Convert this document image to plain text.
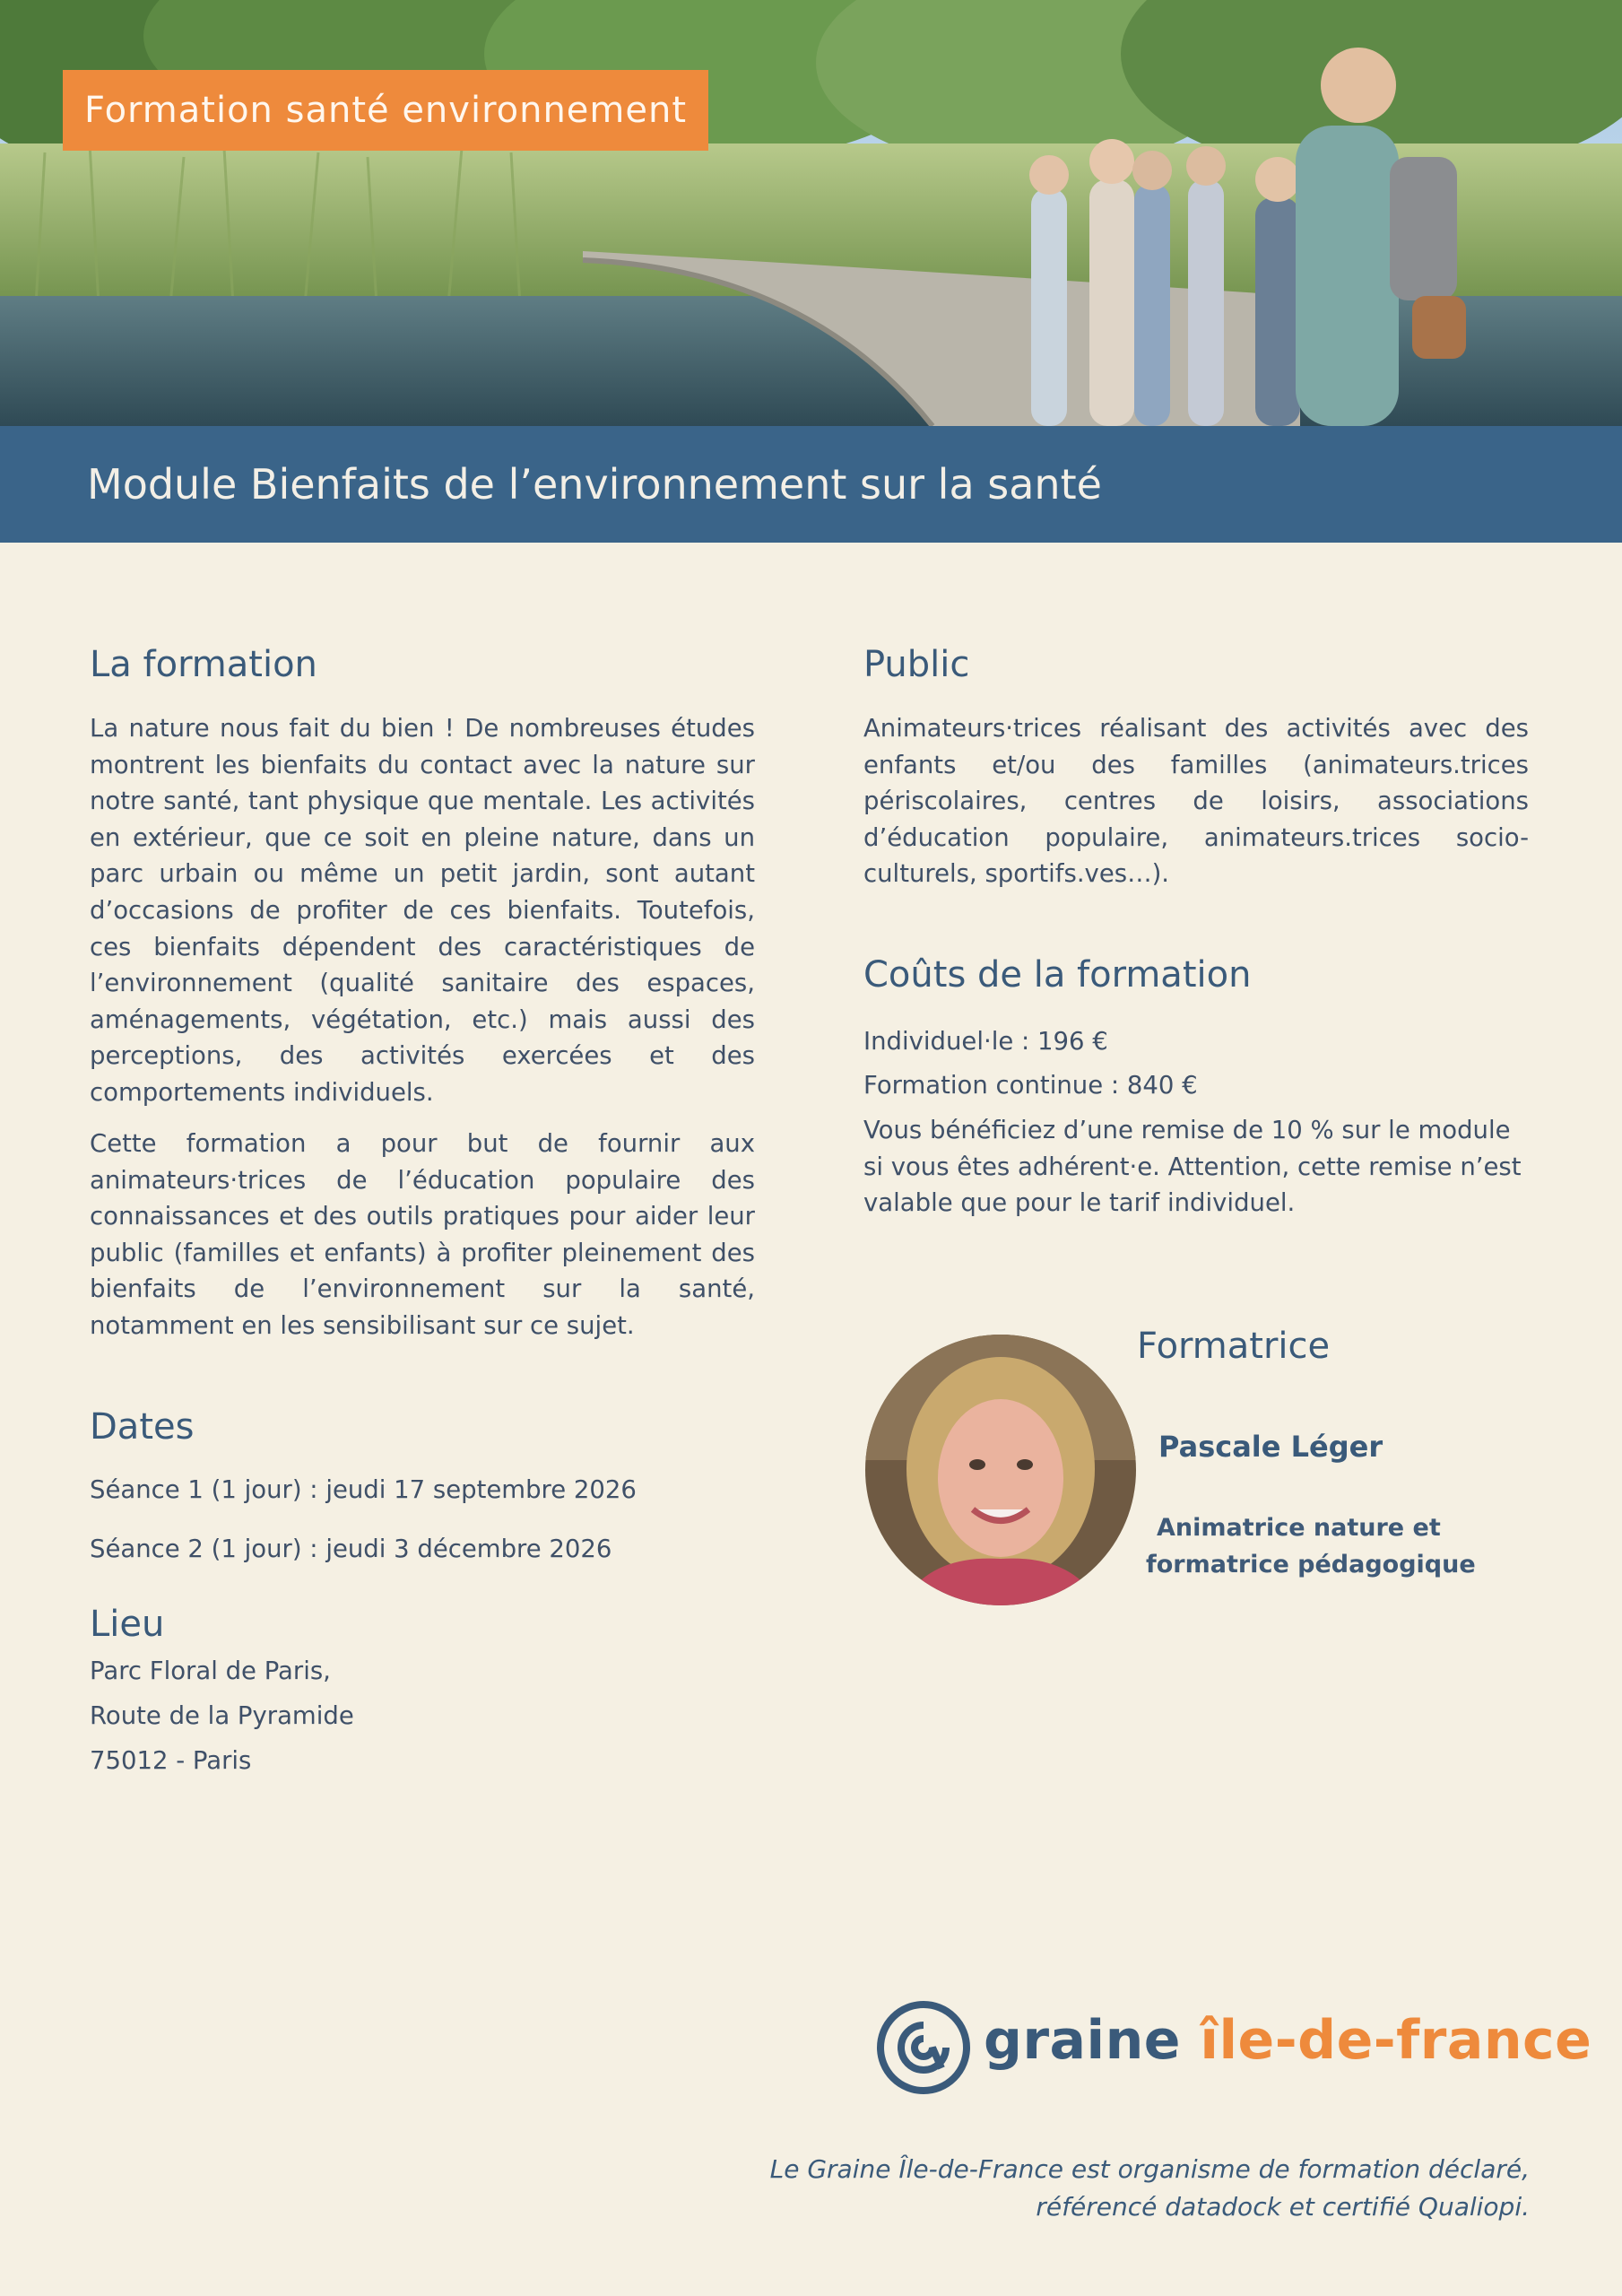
Formation santé environnement
Module Bienfaits de l’environnement sur la santé
La formation

La nature nous fait du bien ! De nombreuses études montrent les bienfaits du contact avec la nature sur notre santé, tant physique que mentale. Les activités en extérieur, que ce soit en pleine nature, dans un parc urbain ou même un petit jardin, sont autant d’occasions de profiter de ces bienfaits. Toutefois, ces bienfaits dépendent des caractéristiques de l’environnement (qualité sanitaire des espaces, aménagements, végétation, etc.) mais aussi des perceptions, des activités exercées et des comportements individuels.

Cette formation a pour but de fournir aux animateurs·trices de l’éducation populaire des connaissances et des outils pratiques pour aider leur public (familles et enfants) à profiter pleinement des bienfaits de l’environnement sur la santé, notamment en les sensibilisant sur ce sujet.

Dates
Séance 1 (1 jour) : jeudi 17 septembre 2026
Séance 2 (1 jour) : jeudi 3 décembre 2026
Lieu
Parc Floral de Paris,
Route de la Pyramide
75012 - Paris
Public

Animateurs·trices réalisant des activités avec des enfants et/ou des familles (animateurs.trices périscolaires, centres de loisirs, associations d’éducation populaire, animateurs.trices socio-culturels, sportifs.ves…).

Coûts de la formation
Individuel·le : 196 €
Formation continue : 840 €

Vous bénéficiez d’une remise de 10 % sur le module si vous êtes adhérent·e. Attention, cette remise n’est valable que pour le tarif individuel.

Formatrice
Pascale Léger
Animatrice nature et
formatrice pédagogique
graine île-de-france
Le Graine Île-de-France est organisme de formation déclaré,
référencé datadock et certifié Qualiopi.
